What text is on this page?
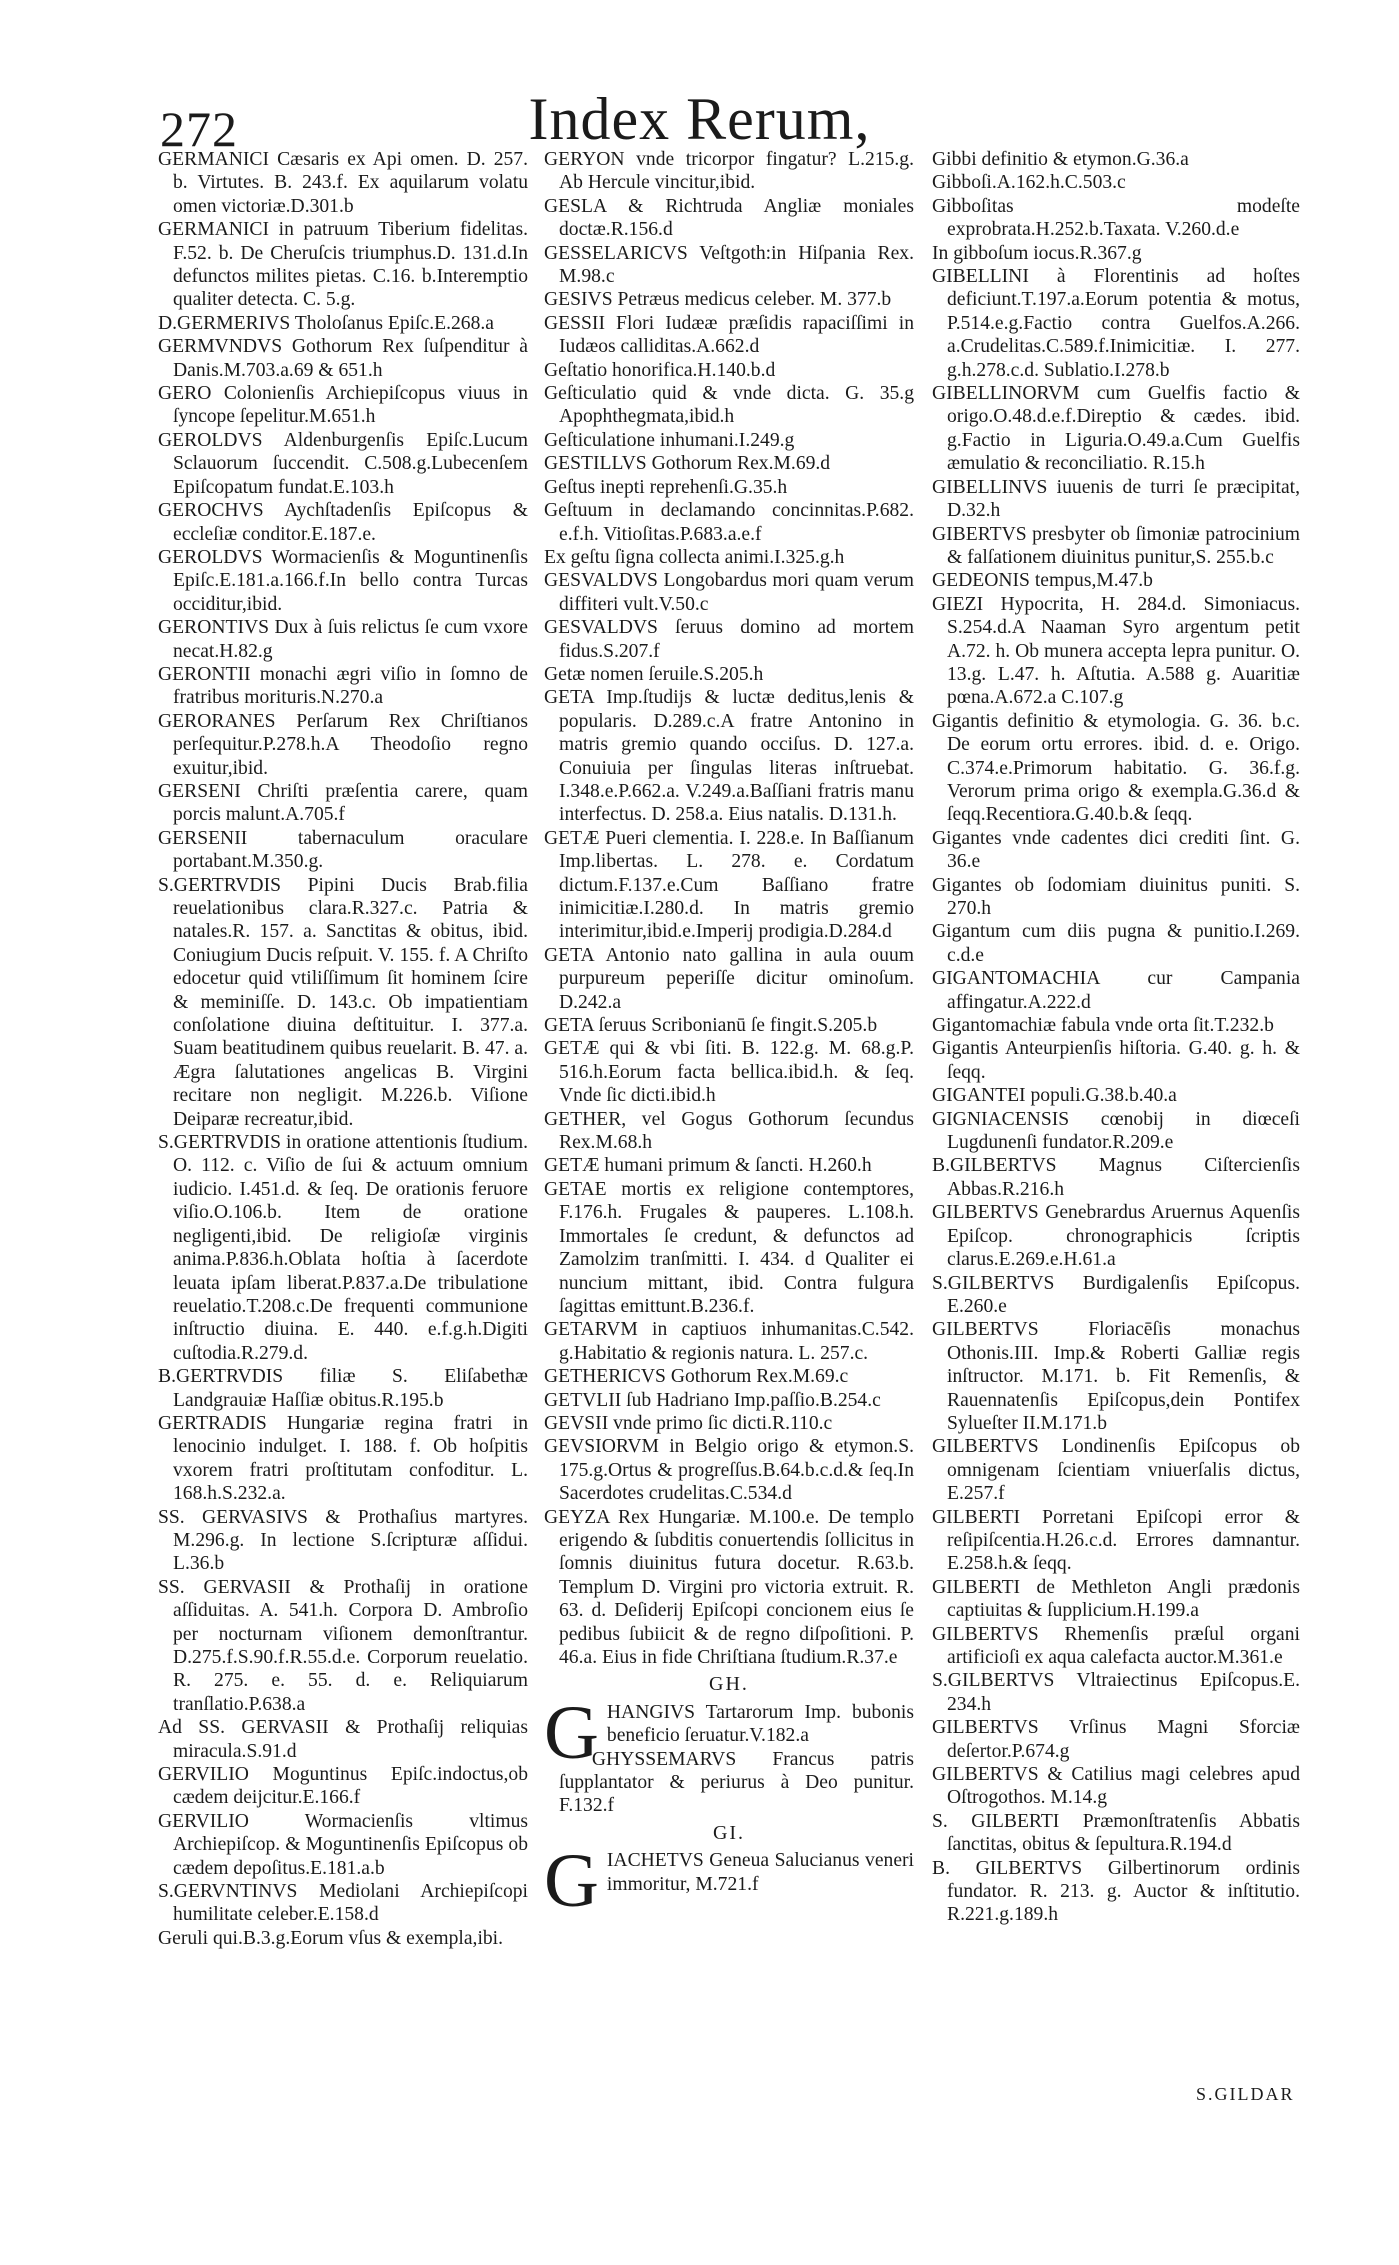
272	Index Rerum,

GERMANICI Cæsaris ex Api omen. D. 257. b. Virtutes. B. 243.f. Ex aquilarum volatu omen victoriæ.D.301.b

GERMANICI in patruum Tiberium fidelitas. F.52. b. De Cheruſcis triumphus.D. 131.d.In defunctos milites pietas. C.16. b.Interemptio qualiter detecta. C. 5.g.

D.GERMERIVS Tholoſanus Epiſc.E.268.a

GERMVNDVS Gothorum Rex ſuſpenditur à Danis.M.703.a.69 & 651.h

GERO Colonienſis Archiepiſcopus viuus in ſyncope ſepelitur.M.651.h

GEROLDVS Aldenburgenſis Epiſc.Lucum Sclauorum ſuccendit. C.508.g.Lubecenſem Epiſcopatum fundat.E.103.h

GEROCHVS Aychſtadenſis Epiſcopus & eccleſiæ conditor.E.187.e.

GEROLDVS Wormacienſis & Moguntinenſis Epiſc.E.181.a.166.f.In bello contra Turcas occiditur,ibid.

GERONTIVS Dux à ſuis relictus ſe cum vxore necat.H.82.g

GERONTII monachi ægri viſio in ſomno de fratribus morituris.N.270.a

GERORANES Perſarum Rex Chriſtianos perſequitur.P.278.h.A Theodoſio regno exuitur,ibid.

GERSENI Chriſti præſentia carere, quam porcis malunt.A.705.f

GERSENII tabernaculum oraculare portabant.M.350.g.

S.GERTRVDIS Pipini Ducis Brab.filia reuelationibus clara.R.327.c. Patria & natales.R. 157. a. Sanctitas & obitus, ibid. Coniugium Ducis reſpuit. V. 155. f. A Chriſto edocetur quid vtiliſſimum ſit hominem ſcire & meminiſſe. D. 143.c. Ob impatientiam conſolatione diuina deſtituitur. I. 377.a. Suam beatitudinem quibus reuelarit. B. 47. a. Ægra ſalutationes angelicas B. Virgini recitare non negligit. M.226.b. Viſione Deiparæ recreatur,ibid.

S.GERTRVDIS in oratione attentionis ſtudium. O. 112. c. Viſio de ſui & actuum omnium iudicio. I.451.d. & ſeq. De orationis feruore viſio.O.106.b. Item de oratione negligenti,ibid. De religioſæ virginis anima.P.836.h.Oblata hoſtia à ſacerdote leuata ipſam liberat.P.837.a.De tribulatione reuelatio.T.208.c.De frequenti communione inſtructio diuina. E. 440. e.f.g.h.Digiti cuſtodia.R.279.d.

B.GERTRVDIS filiæ S. Eliſabethæ Landgrauiæ Haſſiæ obitus.R.195.b

GERTRADIS Hungariæ regina fratri in lenocinio indulget. I. 188. f. Ob hoſpitis vxorem fratri proſtitutam confoditur. L. 168.h.S.232.a.

SS. GERVASIVS & Prothaſius martyres. M.296.g. In lectione S.ſcripturæ aſſidui. L.36.b

SS. GERVASII & Prothaſij in oratione aſſiduitas. A. 541.h. Corpora D. Ambroſio per nocturnam viſionem demonſtrantur. D.275.f.S.90.f.R.55.d.e. Corporum reuelatio. R. 275. e. 55. d. e. Reliquiarum tranſlatio.P.638.a

Ad SS. GERVASII & Prothaſij reliquias miracula.S.91.d

GERVILIO Moguntinus Epiſc.indoctus,ob cædem deijcitur.E.166.f

GERVILIO Wormacienſis vltimus Archiepiſcop. & Moguntinenſis Epiſcopus ob cædem depoſitus.E.181.a.b

S.GERVNTINVS Mediolani Archiepiſcopi humilitate celeber.E.158.d

Geruli qui.B.3.g.Eorum vſus & exempla,ibi.

GERYON vnde tricorpor fingatur? L.215.g. Ab Hercule vincitur,ibid.

GESLA & Richtruda Angliæ moniales doctæ.R.156.d

GESSELARICVS Veſtgoth:in Hiſpania Rex. M.98.c

GESIVS Petræus medicus celeber. M. 377.b

GESSII Flori Iudææ præſidis rapaciſſimi in Iudæos calliditas.A.662.d

Geſtatio honorifica.H.140.b.d

Geſticulatio quid & vnde dicta. G. 35.g Apophthegmata,ibid.h

Geſticulatione inhumani.I.249.g

GESTILLVS Gothorum Rex.M.69.d

Geſtus inepti reprehenſi.G.35.h

Geſtuum in declamando concinnitas.P.682. e.f.h. Vitioſitas.P.683.a.e.f

Ex geſtu ſigna collecta animi.I.325.g.h

GESVALDVS Longobardus mori quam verum diffiteri vult.V.50.c

GESVALDVS ſeruus domino ad mortem fidus.S.207.f

Getæ nomen ſeruile.S.205.h

GETA Imp.ſtudijs & luctæ deditus,lenis & popularis. D.289.c.A fratre Antonino in matris gremio quando occiſus. D. 127.a. Conuiuia per ſingulas literas inſtruebat. I.348.e.P.662.a. V.249.a.Baſſiani fratris manu interfectus. D. 258.a. Eius natalis. D.131.h.

GETÆ Pueri clementia. I. 228.e. In Baſſianum Imp.libertas. L. 278. e. Cordatum dictum.F.137.e.Cum Baſſiano fratre inimicitiæ.I.280.d. In matris gremio interimitur,ibid.e.Imperij prodigia.D.284.d

GETA Antonio nato gallina in aula ouum purpureum peperiſſe dicitur ominoſum. D.242.a

GETA ſeruus Scribonianū ſe fingit.S.205.b

GETÆ qui & vbi ſiti. B. 122.g. M. 68.g.P. 516.h.Eorum facta bellica.ibid.h. & ſeq. Vnde ſic dicti.ibid.h

GETHER, vel Gogus Gothorum ſecundus Rex.M.68.h

GETÆ humani primum & ſancti. H.260.h

GETAE mortis ex religione contemptores, F.176.h. Frugales & pauperes. L.108.h. Immortales ſe credunt, & defunctos ad Zamolzim tranſmitti. I. 434. d Qualiter ei nuncium mittant, ibid. Contra fulgura ſagittas emittunt.B.236.f.

GETARVM in captiuos inhumanitas.C.542. g.Habitatio & regionis natura. L. 257.c.

GETHERICVS Gothorum Rex.M.69.c

GETVLII ſub Hadriano Imp.paſſio.B.254.c

GEVSII vnde primo ſic dicti.R.110.c

GEVSIORVM in Belgio origo & etymon.S. 175.g.Ortus & progreſſus.B.64.b.c.d.& ſeq.In Sacerdotes crudelitas.C.534.d

GEYZA Rex Hungariæ. M.100.e. De templo erigendo & ſubditis conuertendis ſollicitus in ſomnis diuinitus futura docetur. R.63.b. Templum D. Virgini pro victoria extruit. R. 63. d. Deſiderij Epiſcopi concionem eius ſe pedibus ſubiicit & de regno diſpoſitioni. P. 46.a. Eius in fide Chriſtiana ſtudium.R.37.e

GH.

G HANGIVS Tartarorum Imp. bubonis beneficio ſeruatur.V.182.a

GHYSSEMARVS Francus patris ſupplantator & periurus à Deo punitur. F.132.f

GI.

G IACHETVS Geneua Salucianus veneri immoritur, M.721.f

Gibbi definitio & etymon.G.36.a

Gibboſi.A.162.h.C.503.c

Gibboſitas modeſte exprobrata.H.252.b.Taxata. V.260.d.e

In gibboſum iocus.R.367.g

GIBELLINI à Florentinis ad hoſtes deficiunt.T.197.a.Eorum potentia & motus, P.514.e.g.Factio contra Guelfos.A.266. a.Crudelitas.C.589.f.Inimicitiæ. I. 277. g.h.278.c.d. Sublatio.I.278.b

GIBELLINORVM cum Guelfis factio & origo.O.48.d.e.f.Direptio & cædes. ibid. g.Factio in Liguria.O.49.a.Cum Guelfis æmulatio & reconciliatio. R.15.h

GIBELLINVS iuuenis de turri ſe præcipitat, D.32.h

GIBERTVS presbyter ob ſimoniæ patrocinium & falſationem diuinitus punitur,S. 255.b.c

GEDEONIS tempus,M.47.b

GIEZI Hypocrita, H. 284.d. Simoniacus. S.254.d.A Naaman Syro argentum petit A.72. h. Ob munera accepta lepra punitur. O. 13.g. L.47. h. Aſtutia. A.588 g. Auaritiæ pœna.A.672.a C.107.g

Gigantis definitio & etymologia. G. 36. b.c. De eorum ortu errores. ibid. d. e. Origo. C.374.e.Primorum habitatio. G. 36.f.g. Verorum prima origo & exempla.G.36.d & ſeqq.Recentiora.G.40.b.& ſeqq.

Gigantes vnde cadentes dici crediti ſint. G. 36.e

Gigantes ob ſodomiam diuinitus puniti. S. 270.h

Gigantum cum diis pugna & punitio.I.269. c.d.e

GIGANTOMACHIA cur Campania affingatur.A.222.d

Gigantomachiæ fabula vnde orta ſit.T.232.b

Gigantis Anteurpienſis hiſtoria. G.40. g. h. & ſeqq.

GIGANTEI populi.G.38.b.40.a

GIGNIACENSIS cœnobij in diœceſi Lugdunenſi fundator.R.209.e

B.GILBERTVS Magnus Ciſtercienſis Abbas.R.216.h

GILBERTVS Genebrardus Aruernus Aquenſis Epiſcop. chronographicis ſcriptis clarus.E.269.e.H.61.a

S.GILBERTVS Burdigalenſis Epiſcopus. E.260.e

GILBERTVS Floriacēſis monachus Othonis.III. Imp.& Roberti Galliæ regis inſtructor. M.171. b. Fit Remenſis, & Rauennatenſis Epiſcopus,dein Pontifex Sylueſter II.M.171.b

GILBERTVS Londinenſis Epiſcopus ob omnigenam ſcientiam vniuerſalis dictus, E.257.f

GILBERTI Porretani Epiſcopi error & reſipiſcentia.H.26.c.d. Errores damnantur. E.258.h.& ſeqq.

GILBERTI de Methleton Angli prædonis captiuitas & ſupplicium.H.199.a

GILBERTVS Rhemenſis præſul organi artificioſi ex aqua calefacta auctor.M.361.e

S.GILBERTVS Vltraiectinus Epiſcopus.E. 234.h

GILBERTVS Vrſinus Magni Sforciæ deſertor.P.674.g

GILBERTVS & Catilius magi celebres apud Oſtrogothos. M.14.g

S. GILBERTI Præmonſtratenſis Abbatis ſanctitas, obitus & ſepultura.R.194.d

B. GILBERTVS Gilbertinorum ordinis fundator. R. 213. g. Auctor & inſtitutio. R.221.g.189.h

S.GILDAR
